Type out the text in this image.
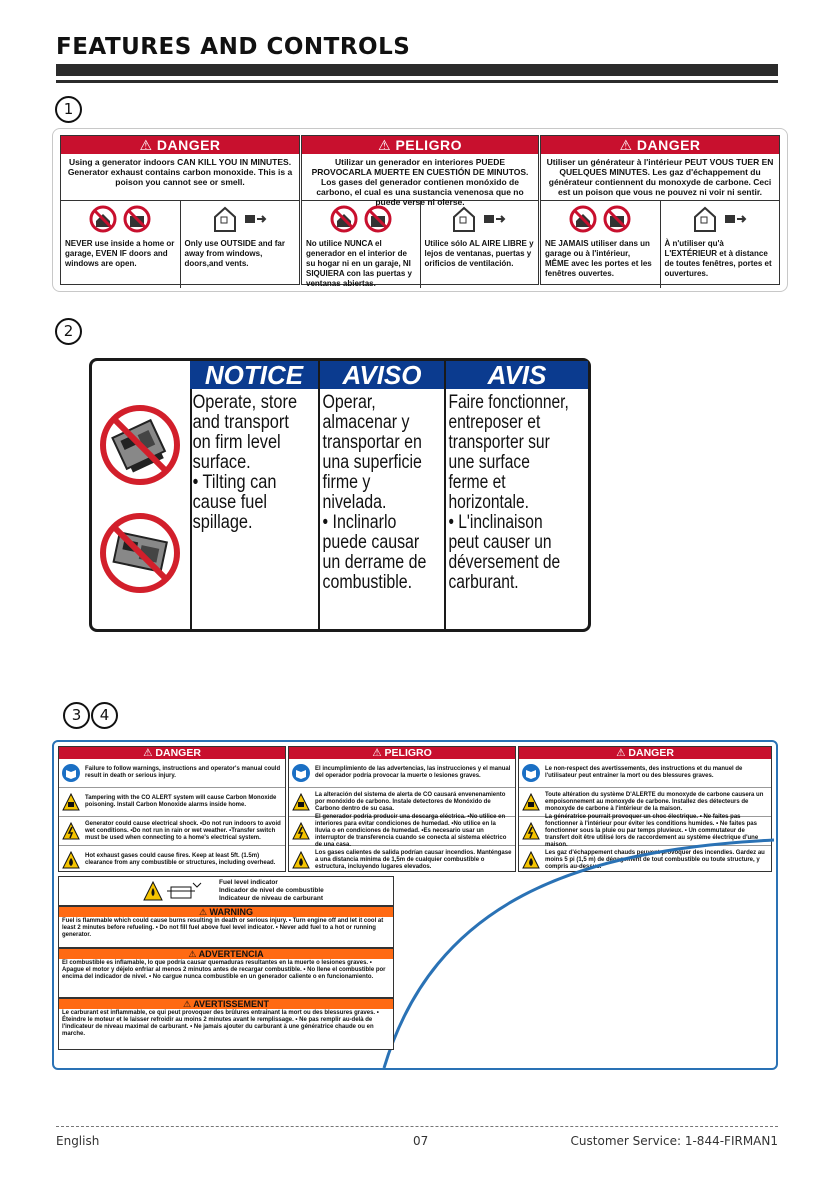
FEATURES AND CONTROLS
1
⚠ DANGER
Using a generator indoors CAN KILL YOU IN MINUTES. Generator exhaust contains carbon monoxide. This is a poison you cannot see or smell.
NEVER use inside a home or garage, EVEN IF doors and windows are open.
Only use OUTSIDE and far away from windows, doors,and vents.
⚠ PELIGRO
Utilizar un generador en interiores PUEDE PROVOCARLA MUERTE EN CUESTIÓN DE MINUTOS. Los gases del generador contienen monóxido de carbono, el cual es una sustancia venenosa que no puede verse ni olerse.
No utilice NUNCA el generador en el interior de su hogar ni en un garaje, NI SIQUIERA con las puertas y ventanas abiertas.
Utilice sólo AL AIRE LIBRE y lejos de ventanas, puertas y orificios de ventilación.
⚠ DANGER
Utiliser un générateur à l'intérieur PEUT VOUS TUER EN QUELQUES MINUTES. Les gaz d'échappement du générateur contiennent du monoxyde de carbone. Ceci est un poison que vous ne pouvez ni voir ni sentir.
NE JAMAIS utiliser dans un garage ou à l'intérieur, MÊME avec les portes et les fenêtres ouvertes.
À n'utiliser qu'à L'EXTÉRIEUR et à distance de toutes fenêtres, portes et ouvertures.
2
NOTICE
Operate, store
and transport
on firm level
surface.
• Tilting can
cause fuel
spillage.
AVISO
Operar,
almacenar y
transportar en
una superficie
firme y
nivelada.
• Inclinarlo
puede causar
un derrame de
combustible.
AVIS
Faire fonctionner,
entreposer et
transporter sur
une surface
ferme et
horizontale.
• L'inclinaison
peut causer un
déversement de
carburant.
3	4
⚠ DANGER
Failure to follow warnings, instructions and operator's manual could result in death or serious injury.
Tampering with the CO ALERT system will cause Carbon Monoxide poisoning. Install Carbon Monoxide alarms inside home.
Generator could cause electrical shock. •Do not run indoors to avoid wet conditions. •Do not run in rain or wet weather. •Transfer switch must be used when connecting to a home's electrical system.
Hot exhaust gases could cause fires. Keep at least 5ft. (1.5m) clearance from any combustible or structures, including overhead.
⚠ PELIGRO
El incumplimiento de las advertencias, las instrucciones y el manual del operador podría provocar la muerte o lesiones graves.
La alteración del sistema de alerta de CO causará envenenamiento por monóxido de carbono. Instale detectores de Monóxido de Carbono dentro de su casa.
El generador podría producir una descarga eléctrica. •No utilice en interiores para evitar condiciones de humedad. •No utilice en la lluvia o en condiciones de humedad. •Es necesario usar un interruptor de transferencia cuando se conecta al sistema eléctrico de una casa.
Los gases calientes de salida podrían causar incendios. Manténgase a una distancia mínima de 1,5m de cualquier combustible o estructura, incluyendo lugares elevados.
⚠ DANGER
Le non-respect des avertissements, des instructions et du manuel de l'utilisateur peut entraîner la mort ou des blessures graves.
Toute altération du système D'ALERTE du monoxyde de carbone causera un empoisonnement au monoxyde de carbone. Installez des détecteurs de monoxyde de carbone à l'intérieur de la maison.
La génératrice pourrait provoquer un choc électrique. • Ne faites pas fonctionner à l'intérieur pour éviter les conditions humides. • Ne faites pas fonctionner sous la pluie ou par temps pluvieux. • Un commutateur de transfert doit être utilisé lors de raccordement au système électrique d'une maison.
Les gaz d'échappement chauds peuvent provoquer des incendies. Gardez au moins 5 pi (1,5 m) de dégagement de tout combustible ou toute structure, y compris au-dessus.
Fuel level indicator
Indicador de nivel de combustible
Indicateur de niveau de carburant
⚠ WARNING
Fuel is flammable which could cause burns resulting in death or serious injury. • Turn engine off and let it cool at least 2 minutes before refueling. • Do not fill fuel above fuel level indicator. • Never add fuel to a hot or running generator.
⚠ ADVERTENCIA
El combustible es inflamable, lo que podría causar quemaduras resultantes en la muerte o lesiones graves. • Apague el motor y déjelo enfriar al menos 2 minutos antes de recargar combustible. • No llene el combustible por encima del indicador de nivel. • No cargue nunca combustible en un generador caliente o en funcionamiento.
⚠ AVERTISSEMENT
Le carburant est inflammable, ce qui peut provoquer des brûlures entraînant la mort ou des blessures graves. • Éteindre le moteur et le laisser refroidir au moins 2 minutes avant le remplissage. • Ne pas remplir au-delà de l'indicateur de niveau maximal de carburant. • Ne jamais ajouter du carburant à une génératrice chaude ou en marche.
English	07	Customer Service: 1-844-FIRMAN1
